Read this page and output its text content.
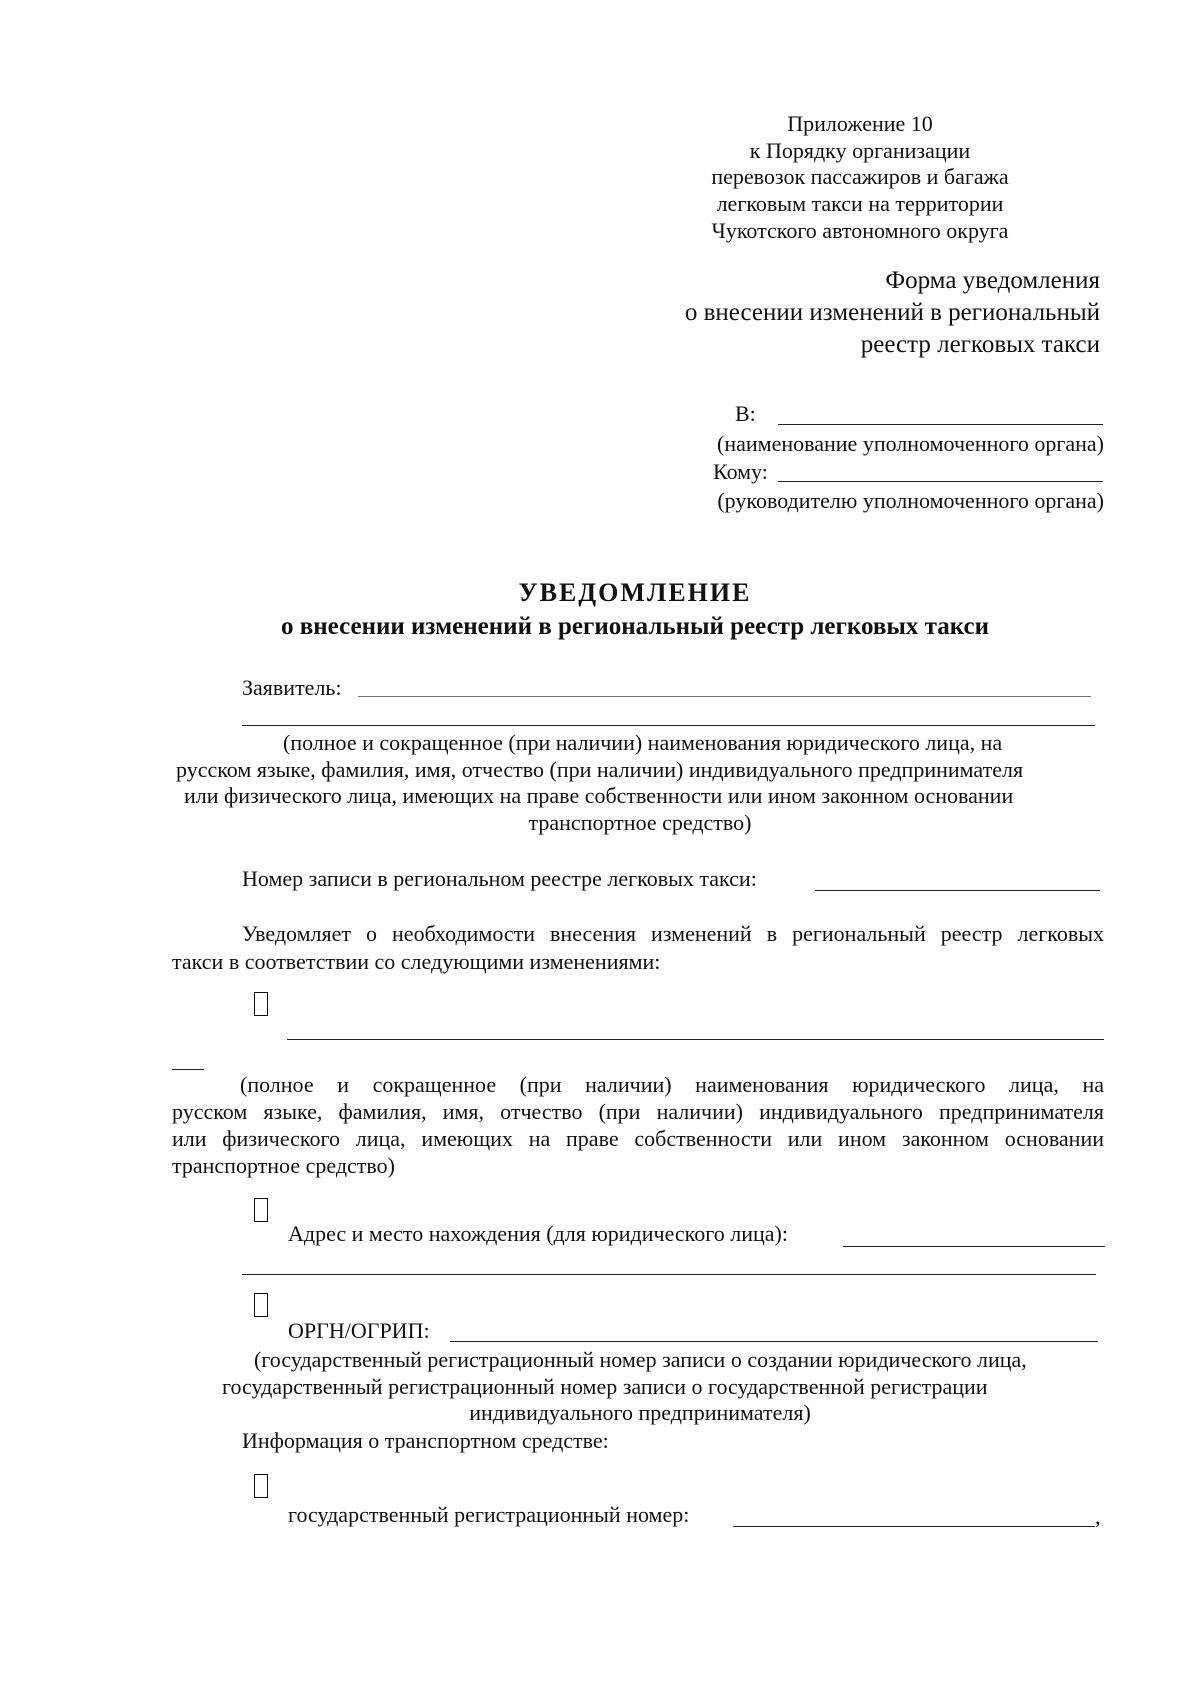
Приложение 10
к Порядку организации
перевозок пассажиров и багажа
легковым такси на территории
Чукотского автономного округа
Форма уведомления
о внесении изменений в региональный
реестр легковых такси
В:
(наименование уполномоченного органа)
Кому:
(руководителю уполномоченного органа)
УВЕДОМЛЕНИЕ
о внесении изменений в региональный реестр легковых такси
Заявитель:
(полное и сокращенное (при наличии) наименования юридического лица, на
русском языке, фамилия, имя, отчество (при наличии) индивидуального предпринимателя
или физического лица, имеющих на праве собственности или ином законном основании
транспортное средство)
Номер записи в региональном реестре легковых такси:
Уведомляет о необходимости внесения изменений в региональный реестр легковых
такси в соответствии со следующими изменениями:
(полное и сокращенное (при наличии) наименования юридического лица, на
русском языке, фамилия, имя, отчество (при наличии) индивидуального предпринимателя
или физического лица, имеющих на праве собственности или ином законном основании
транспортное средство)
Адрес и место нахождения (для юридического лица):
ОРГН/ОГРИП:
(государственный регистрационный номер записи о создании юридического лица,
государственный регистрационный номер записи о государственной регистрации
индивидуального предпринимателя)
Информация о транспортном средстве:
государственный регистрационный номер:	,
